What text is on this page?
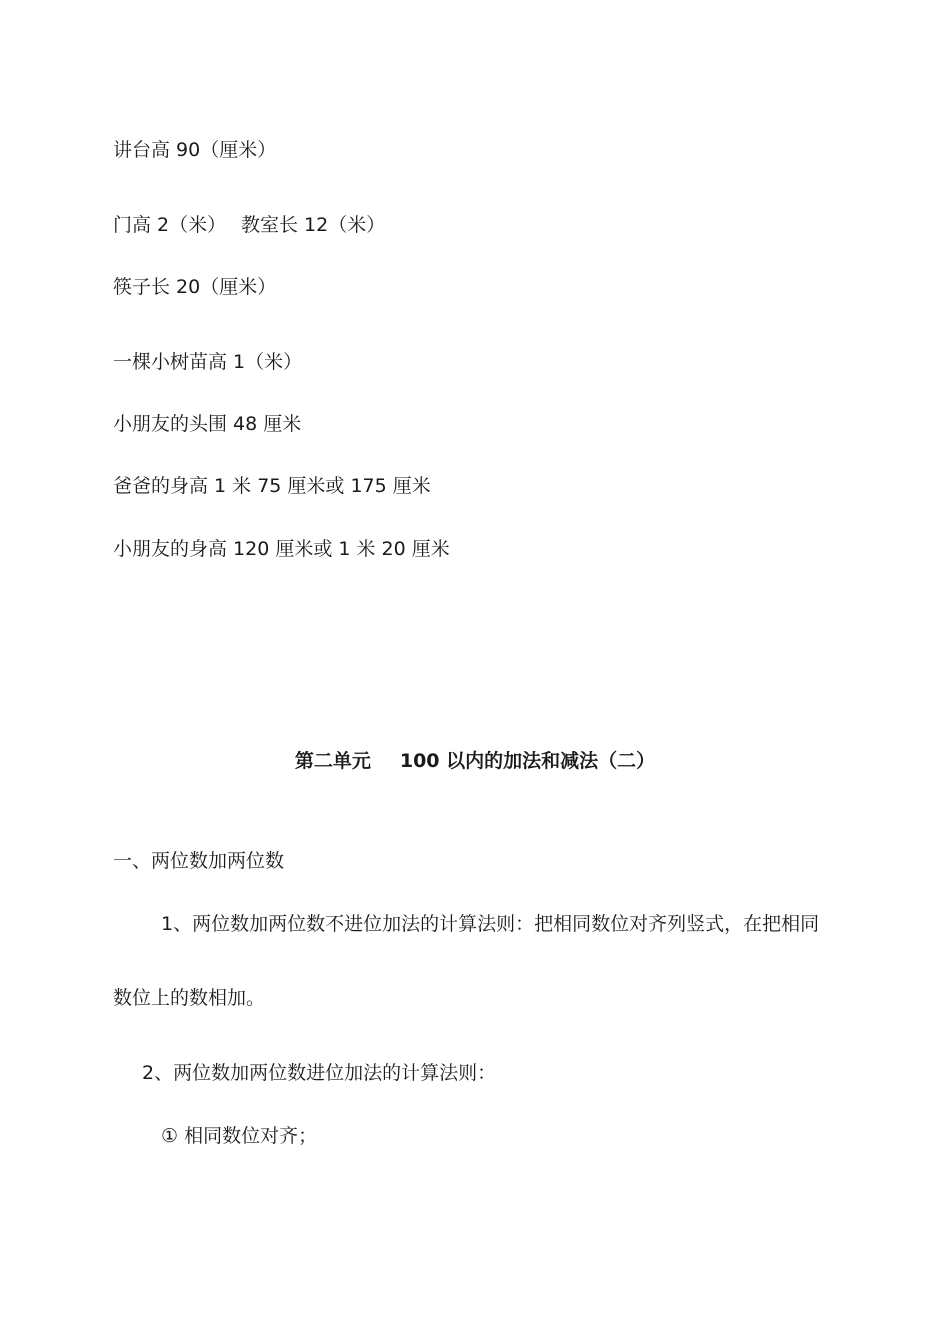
讲台高 90（厘米）
门高 2（米） 教室长 12（米）
筷子长 20（厘米）
一棵小树苗高 1（米）
小朋友的头围 48 厘米
爸爸的身高 1 米 75 厘米或 175 厘米
小朋友的身高 120 厘米或 1 米 20 厘米
第二单元 100 以内的加法和减法（二）
一、两位数加两位数
1、两位数加两位数不进位加法的计算法则：把相同数位对齐列竖式，在把相同
数位上的数相加。
2、两位数加两位数进位加法的计算法则：
① 相同数位对齐；
